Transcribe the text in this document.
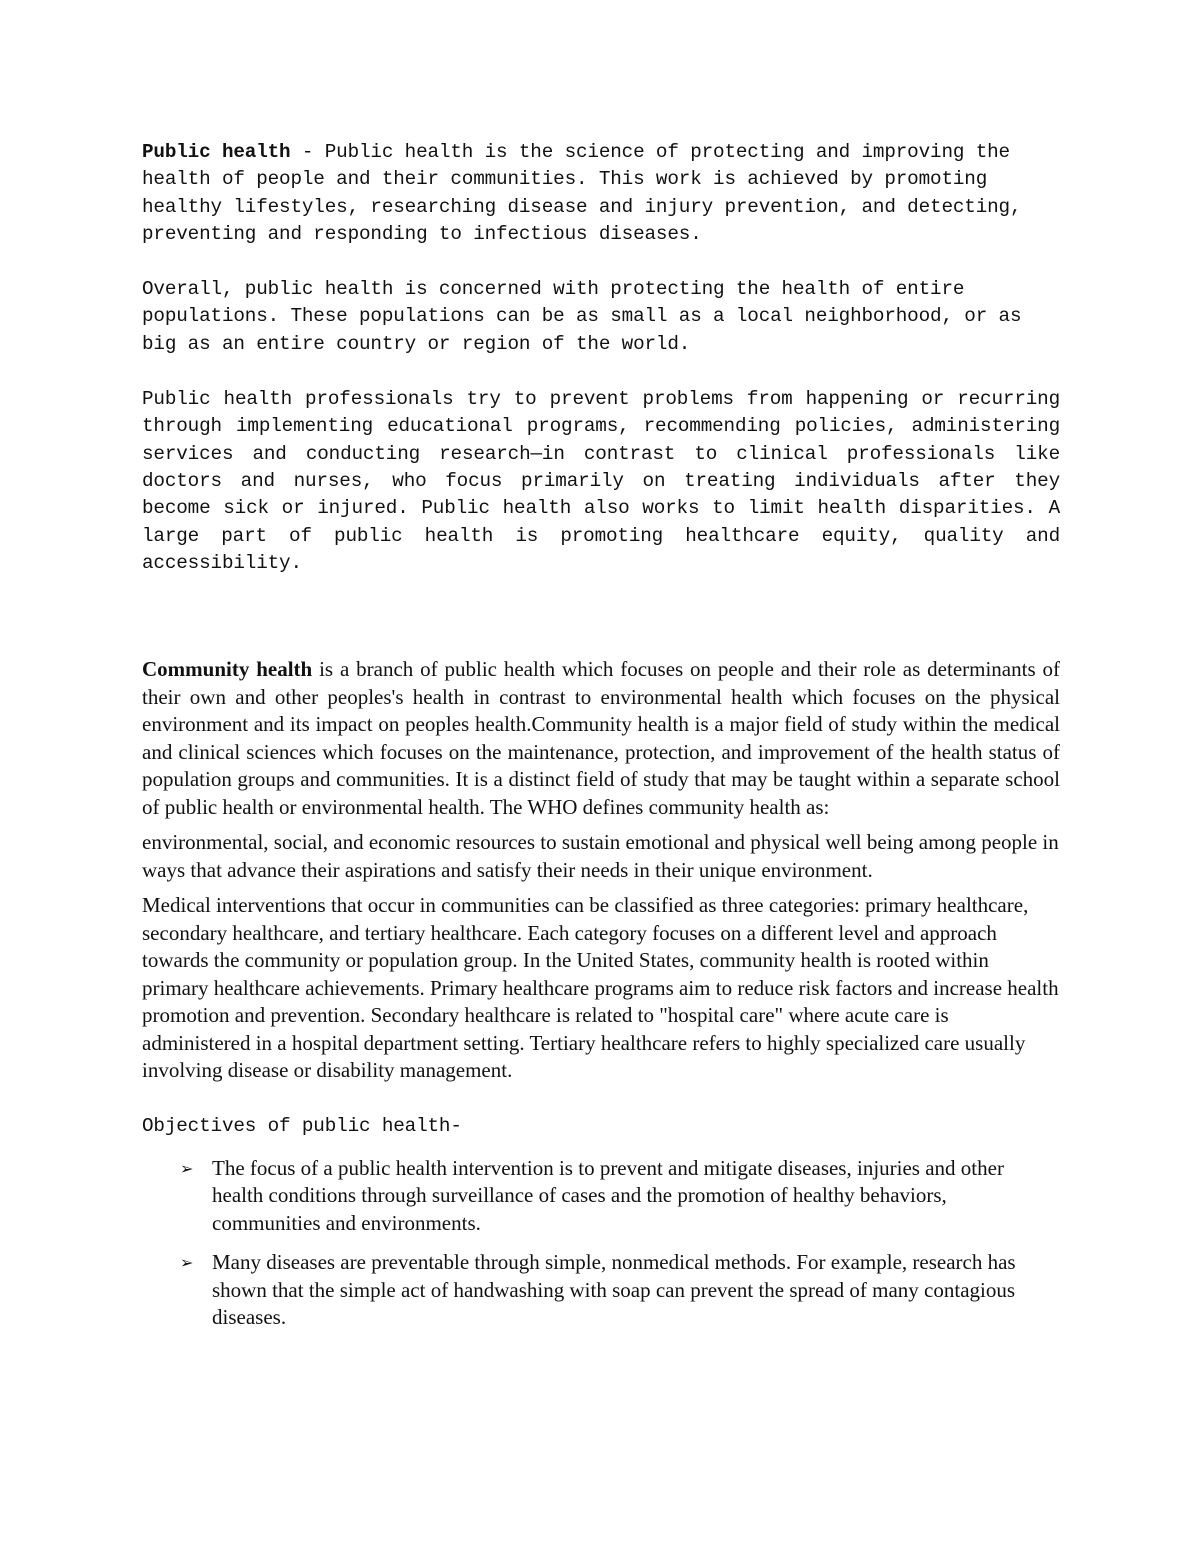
Public health - Public health is the science of protecting and improving the health of people and their communities. This work is achieved by promoting healthy lifestyles, researching disease and injury prevention, and detecting, preventing and responding to infectious diseases.

Overall, public health is concerned with protecting the health of entire populations. These populations can be as small as a local neighborhood, or as big as an entire country or region of the world.

Public health professionals try to prevent problems from happening or recurring through implementing educational programs, recommending policies, administering services and conducting research—in contrast to clinical professionals like doctors and nurses, who focus primarily on treating individuals after they become sick or injured. Public health also works to limit health disparities. A large part of public health is promoting healthcare equity, quality and accessibility.

Community health is a branch of public health which focuses on people and their role as determinants of their own and other peoples's health in contrast to environmental health which focuses on the physical environment and its impact on peoples health.Community health is a major field of study within the medical and clinical sciences which focuses on the maintenance, protection, and improvement of the health status of population groups and communities. It is a distinct field of study that may be taught within a separate school of public health or environmental health. The WHO defines community health as:

environmental, social, and economic resources to sustain emotional and physical well being among people in ways that advance their aspirations and satisfy their needs in their unique environment.

Medical interventions that occur in communities can be classified as three categories: primary healthcare, secondary healthcare, and tertiary healthcare. Each category focuses on a different level and approach towards the community or population group. In the United States, community health is rooted within primary healthcare achievements. Primary healthcare programs aim to reduce risk factors and increase health promotion and prevention. Secondary healthcare is related to "hospital care" where acute care is administered in a hospital department setting. Tertiary healthcare refers to highly specialized care usually involving disease or disability management.

Objectives of public health-

➢ The focus of a public health intervention is to prevent and mitigate diseases, injuries and other health conditions through surveillance of cases and the promotion of healthy behaviors, communities and environments.
➢ Many diseases are preventable through simple, nonmedical methods. For example, research has shown that the simple act of handwashing with soap can prevent the spread of many contagious diseases.
